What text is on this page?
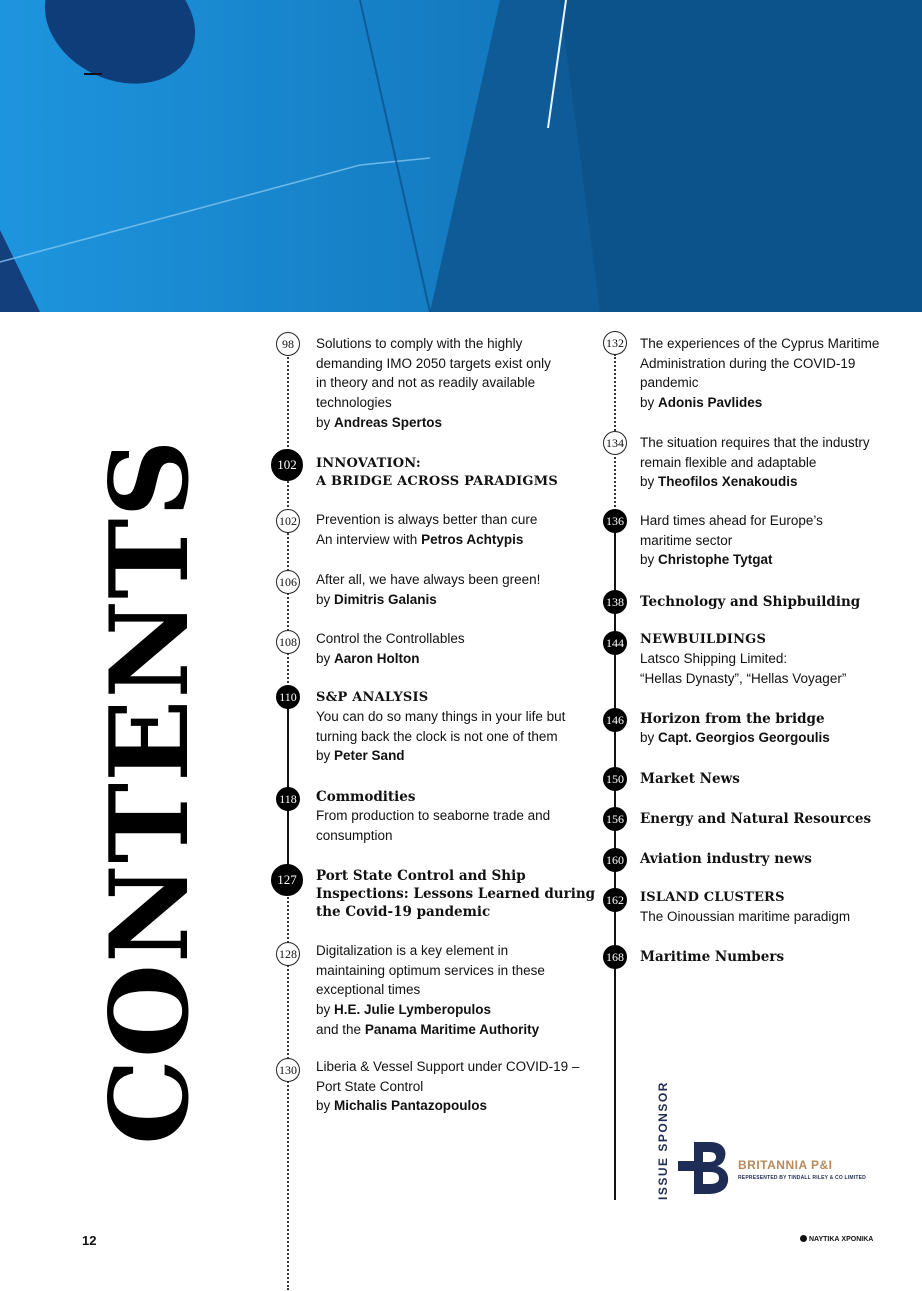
CONTENTS
98	Solutions to comply with the highly
demanding IMO 2050 targets exist only
in theory and not as readily available
technologies
by Andreas Spertos
102	INNOVATION:
A BRIDGE ACROSS PARADIGMS
102 Prevention is always better than cure
An interview with Petros Achtypis
106 After all, we have always been green!
by Dimitris Galanis
108 Control the Controllables
by Aaron Holton
110 S&P ANALYSIS
You can do so many things in your life but
turning back the clock is not one of them
by Peter Sand
118 Commodities
From production to seaborne trade and
consumption
127	Port State Control and Ship
Inspections: Lessons Learned during
the Covid-19 pandemic
128 Digitalization is a key element in
maintaining optimum services in these
exceptional times
by H.E. Julie Lymberopulos
and the Panama Maritime Authority
130 Liberia & Vessel Support under COVID-19 –
Port State Control
by Michalis Pantazopoulos
132 The experiences of the Cyprus Maritime
Administration during the COVID-19
pandemic
by Adonis Pavlides
134 The situation requires that the industry
remain flexible and adaptable
by Theofilos Xenakoudis
136 Hard times ahead for Europe’s
maritime sector
by Christophe Tytgat
138 Technology and Shipbuilding
144 NEWBUILDINGS
Latsco Shipping Limited:
“Hellas Dynasty”, “Hellas Voyager”
146 Horizon from the bridge
by Capt. Georgios Georgoulis
150 Market News
156 Energy and Natural Resources
160 Aviation industry news
162 ISLAND CLUSTERS
The Oinoussian maritime paradigm
168 Maritime Numbers
ISSUE SPONSOR	BRITANNIA P&I
REPRESENTED BY TINDALL RILEY & CO LIMITED
12	ΝΑΥΤΙΚΑ ΧΡΟΝΙΚΑ
